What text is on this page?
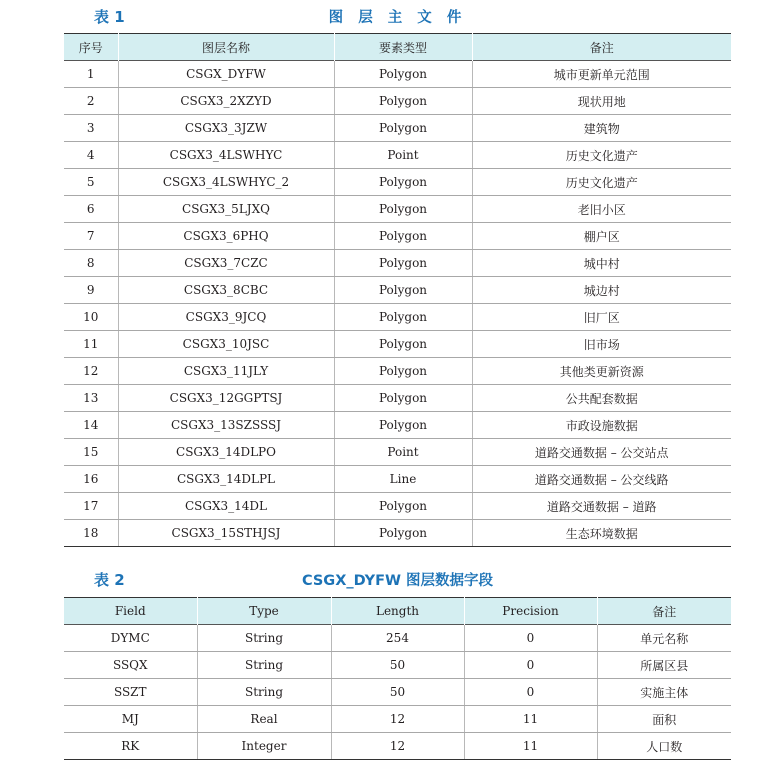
表 1	图 层 主 文 件
序号	图层名称	要素类型	备注
1	CSGX_DYFW	Polygon	城市更新单元范围
2	CSGX3_2XZYD	Polygon	现状用地
3	CSGX3_3JZW	Polygon	建筑物
4	CSGX3_4LSWHYC	Point	历史文化遗产
5	CSGX3_4LSWHYC_2	Polygon	历史文化遗产
6	CSGX3_5LJXQ	Polygon	老旧小区
7	CSGX3_6PHQ	Polygon	棚户区
8	CSGX3_7CZC	Polygon	城中村
9	CSGX3_8CBC	Polygon	城边村
10	CSGX3_9JCQ	Polygon	旧厂区
11	CSGX3_10JSC	Polygon	旧市场
12	CSGX3_11JLY	Polygon	其他类更新资源
13	CSGX3_12GGPTSJ	Polygon	公共配套数据
14	CSGX3_13SZSSSJ	Polygon	市政设施数据
15	CSGX3_14DLPO	Point	道路交通数据 – 公交站点
16	CSGX3_14DLPL	Line	道路交通数据 – 公交线路
17	CSGX3_14DL	Polygon	道路交通数据 – 道路
18	CSGX3_15STHJSJ	Polygon	生态环境数据
表 2	CSGX_DYFW 图层数据字段
Field	Type	Length	Precision	备注
DYMC	String	254	0	单元名称
SSQX	String	50	0	所属区县
SSZT	String	50	0	实施主体
MJ	Real	12	11	面积
RK	Integer	12	11	人口数
